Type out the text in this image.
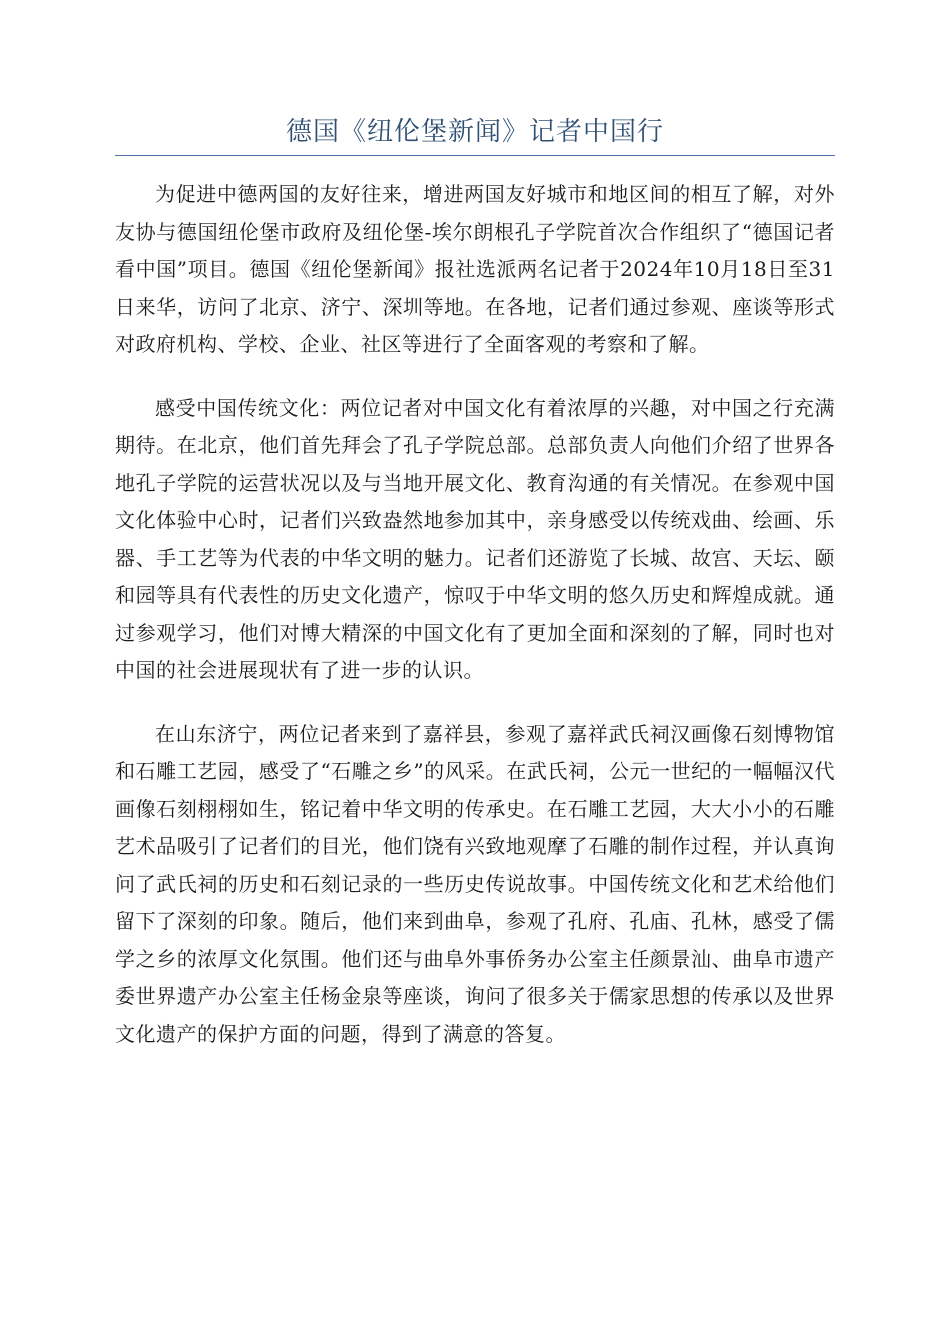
德国《纽伦堡新闻》记者中国行

为促进中德两国的友好往来，增进两国友好城市和地区间的相互了解，对外友协与德国纽伦堡市政府及纽伦堡-埃尔朗根孔子学院首次合作组织了“德国记者看中国”项目。德国《纽伦堡新闻》报社选派两名记者于2024年10月18日至31日来华，访问了北京、济宁、深圳等地。在各地，记者们通过参观、座谈等形式对政府机构、学校、企业、社区等进行了全面客观的考察和了解。

感受中国传统文化：两位记者对中国文化有着浓厚的兴趣，对中国之行充满期待。在北京，他们首先拜会了孔子学院总部。总部负责人向他们介绍了世界各地孔子学院的运营状况以及与当地开展文化、教育沟通的有关情况。在参观中国文化体验中心时，记者们兴致盎然地参加其中，亲身感受以传统戏曲、绘画、乐器、手工艺等为代表的中华文明的魅力。记者们还游览了长城、故宫、天坛、颐和园等具有代表性的历史文化遗产，惊叹于中华文明的悠久历史和辉煌成就。通过参观学习，他们对博大精深的中国文化有了更加全面和深刻的了解，同时也对中国的社会进展现状有了进一步的认识。

在山东济宁，两位记者来到了嘉祥县，参观了嘉祥武氏祠汉画像石刻博物馆和石雕工艺园，感受了“石雕之乡”的风采。在武氏祠，公元一世纪的一幅幅汉代画像石刻栩栩如生，铭记着中华文明的传承史。在石雕工艺园，大大小小的石雕艺术品吸引了记者们的目光，他们饶有兴致地观摩了石雕的制作过程，并认真询问了武氏祠的历史和石刻记录的一些历史传说故事。中国传统文化和艺术给他们留下了深刻的印象。随后，他们来到曲阜，参观了孔府、孔庙、孔林，感受了儒学之乡的浓厚文化氛围。他们还与曲阜外事侨务办公室主任颜景汕、曲阜市遗产委世界遗产办公室主任杨金泉等座谈，询问了很多关于儒家思想的传承以及世界文化遗产的保护方面的问题，得到了满意的答复。
